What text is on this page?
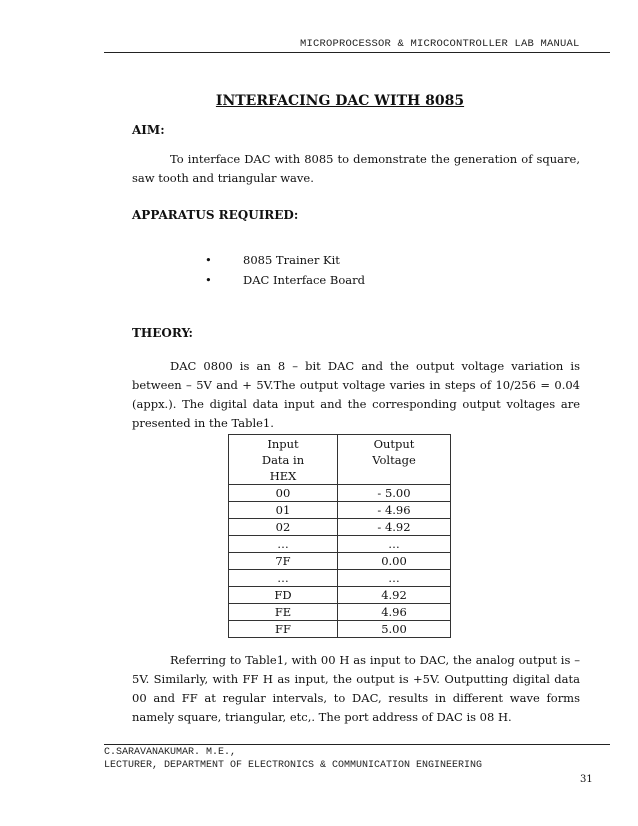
MICROPROCESSOR & MICROCONTROLLER LAB MANUAL
INTERFACING DAC WITH 8085
AIM:
To interface DAC with 8085 to demonstrate the generation of square, saw tooth and triangular wave.
APPARATUS REQUIRED:
•	8085 Trainer Kit
•	DAC Interface Board
THEORY:
DAC 0800 is an 8 – bit DAC and the output voltage variation is between – 5V and + 5V.The output voltage varies in steps of 10/256 = 0.04 (appx.). The digital data input and the corresponding output voltages are presented in the Table1.
Input
Data in
HEX	Output
Voltage
00	- 5.00
01	- 4.96
02	- 4.92
…	…
7F	0.00
…	…
FD	4.92
FE	4.96
FF	5.00
Referring to Table1, with 00 H as input to DAC, the analog output is – 5V. Similarly, with FF H as input, the output is +5V. Outputting digital data 00 and FF at regular intervals, to DAC, results in different wave forms namely square, triangular, etc,. The port address of DAC is 08 H.
C.SARAVANAKUMAR. M.E.,
LECTURER, DEPARTMENT OF ELECTRONICS & COMMUNICATION ENGINEERING
31
